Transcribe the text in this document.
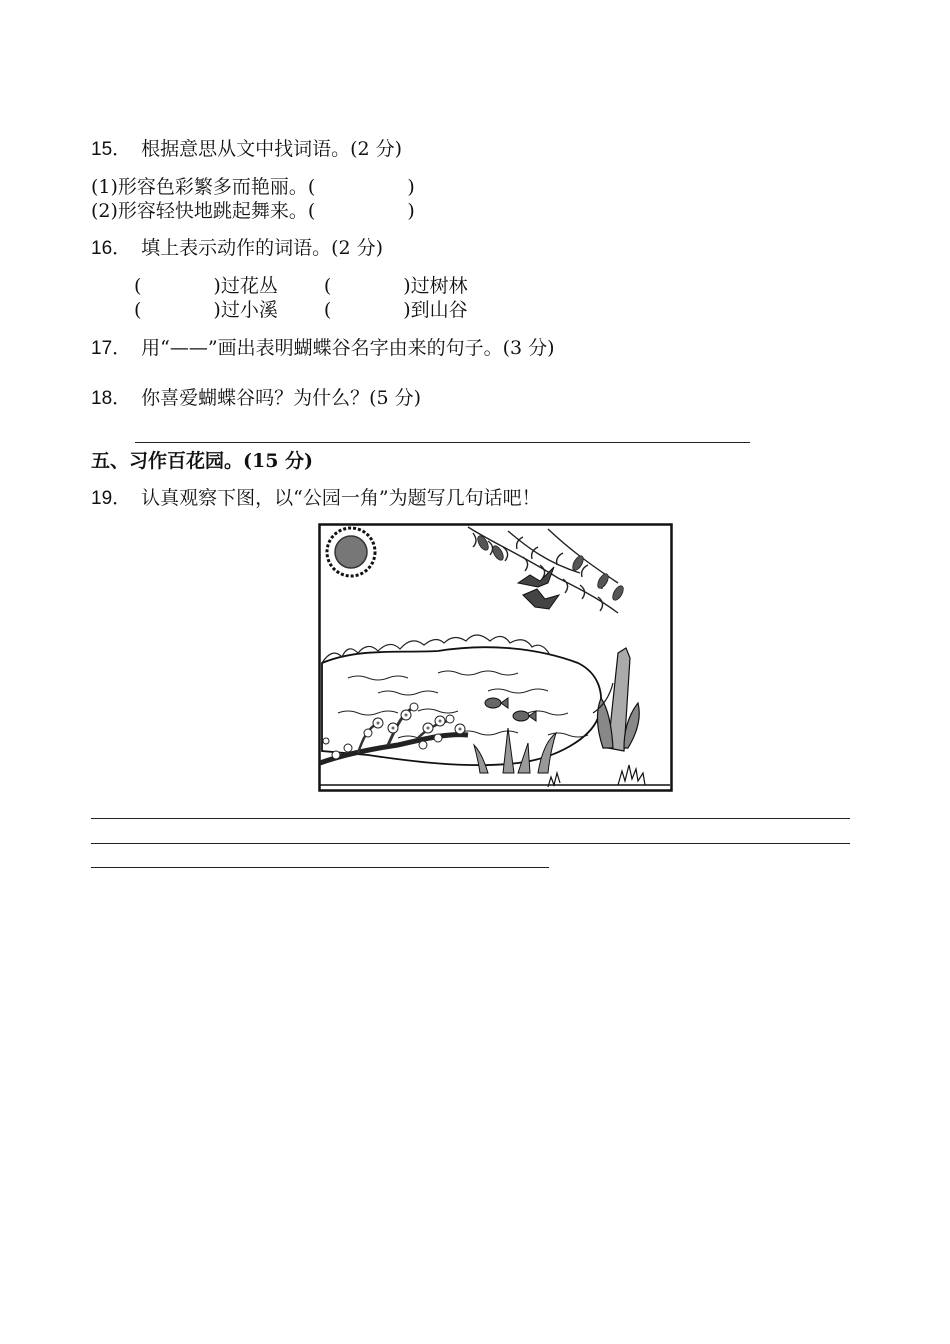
15． 根据意思从文中找词语。(2 分)
(1)形容色彩繁多而艳丽。(	)
(2)形容轻快地跳起舞来。(	)
16． 填上表示动作的词语。(2 分)
(	)过花丛 (	)过树林
(	)过小溪 (	)到山谷
17． 用“——”画出表明蝴蝶谷名字由来的句子。(3 分)
18． 你喜爱蝴蝶谷吗？为什么？(5 分)
五、习作百花园。(15 分)
19． 认真观察下图，以“公园一角”为题写几句话吧！
